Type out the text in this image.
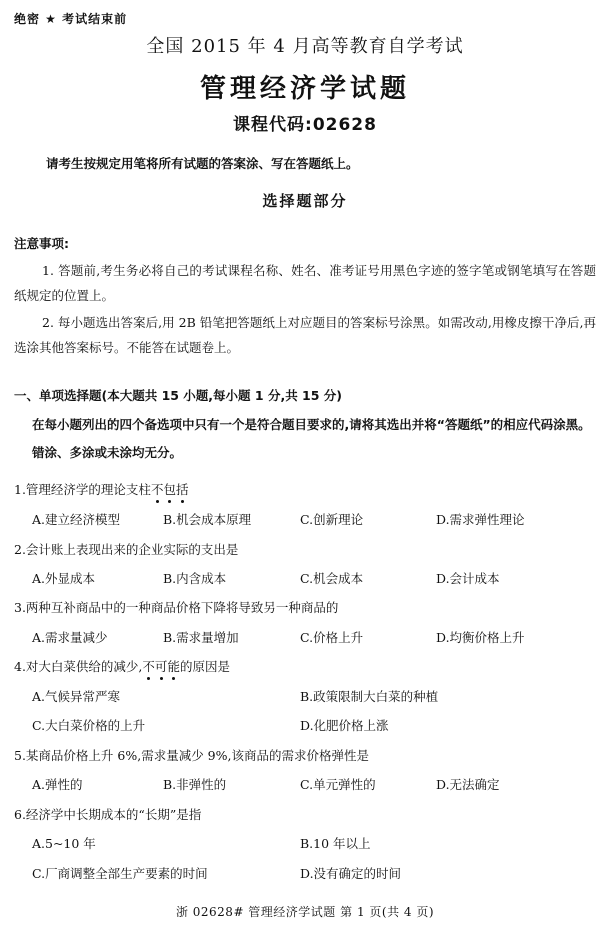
绝密 ★ 考试结束前
全国 2015 年 4 月高等教育自学考试
管理经济学试题
课程代码:02628
请考生按规定用笔将所有试题的答案涂、写在答题纸上。
选择题部分
注意事项:
1. 答题前,考生务必将自己的考试课程名称、姓名、准考证号用黑色字迹的签字笔或钢笔填写在答题纸规定的位置上。
2. 每小题选出答案后,用 2B 铅笔把答题纸上对应题目的答案标号涂黑。如需改动,用橡皮擦干净后,再选涂其他答案标号。不能答在试题卷上。
一、单项选择题(本大题共 15 小题,每小题 1 分,共 15 分)
在每小题列出的四个备选项中只有一个是符合题目要求的,请将其选出并将“答题纸”的相应代码涂黑。错涂、多涂或未涂均无分。
1.管理经济学的理论支柱不包括
A.建立经济模型	B.机会成本原理	C.创新理论	D.需求弹性理论
2.会计账上表现出来的企业实际的支出是
A.外显成本	B.内含成本	C.机会成本	D.会计成本
3.两种互补商品中的一种商品价格下降将导致另一种商品的
A.需求量减少	B.需求量增加	C.价格上升	D.均衡价格上升
4.对大白菜供给的减少,不可能的原因是
A.气候异常严寒	B.政策限制大白菜的种植
C.大白菜价格的上升	D.化肥价格上涨
5.某商品价格上升 6%,需求量减少 9%,该商品的需求价格弹性是
A.弹性的	B.非弹性的	C.单元弹性的	D.无法确定
6.经济学中长期成本的“长期”是指
A.5~10 年	B.10 年以上
C.厂商调整全部生产要素的时间	D.没有确定的时间
浙 02628# 管理经济学试题 第 1 页(共 4 页)
